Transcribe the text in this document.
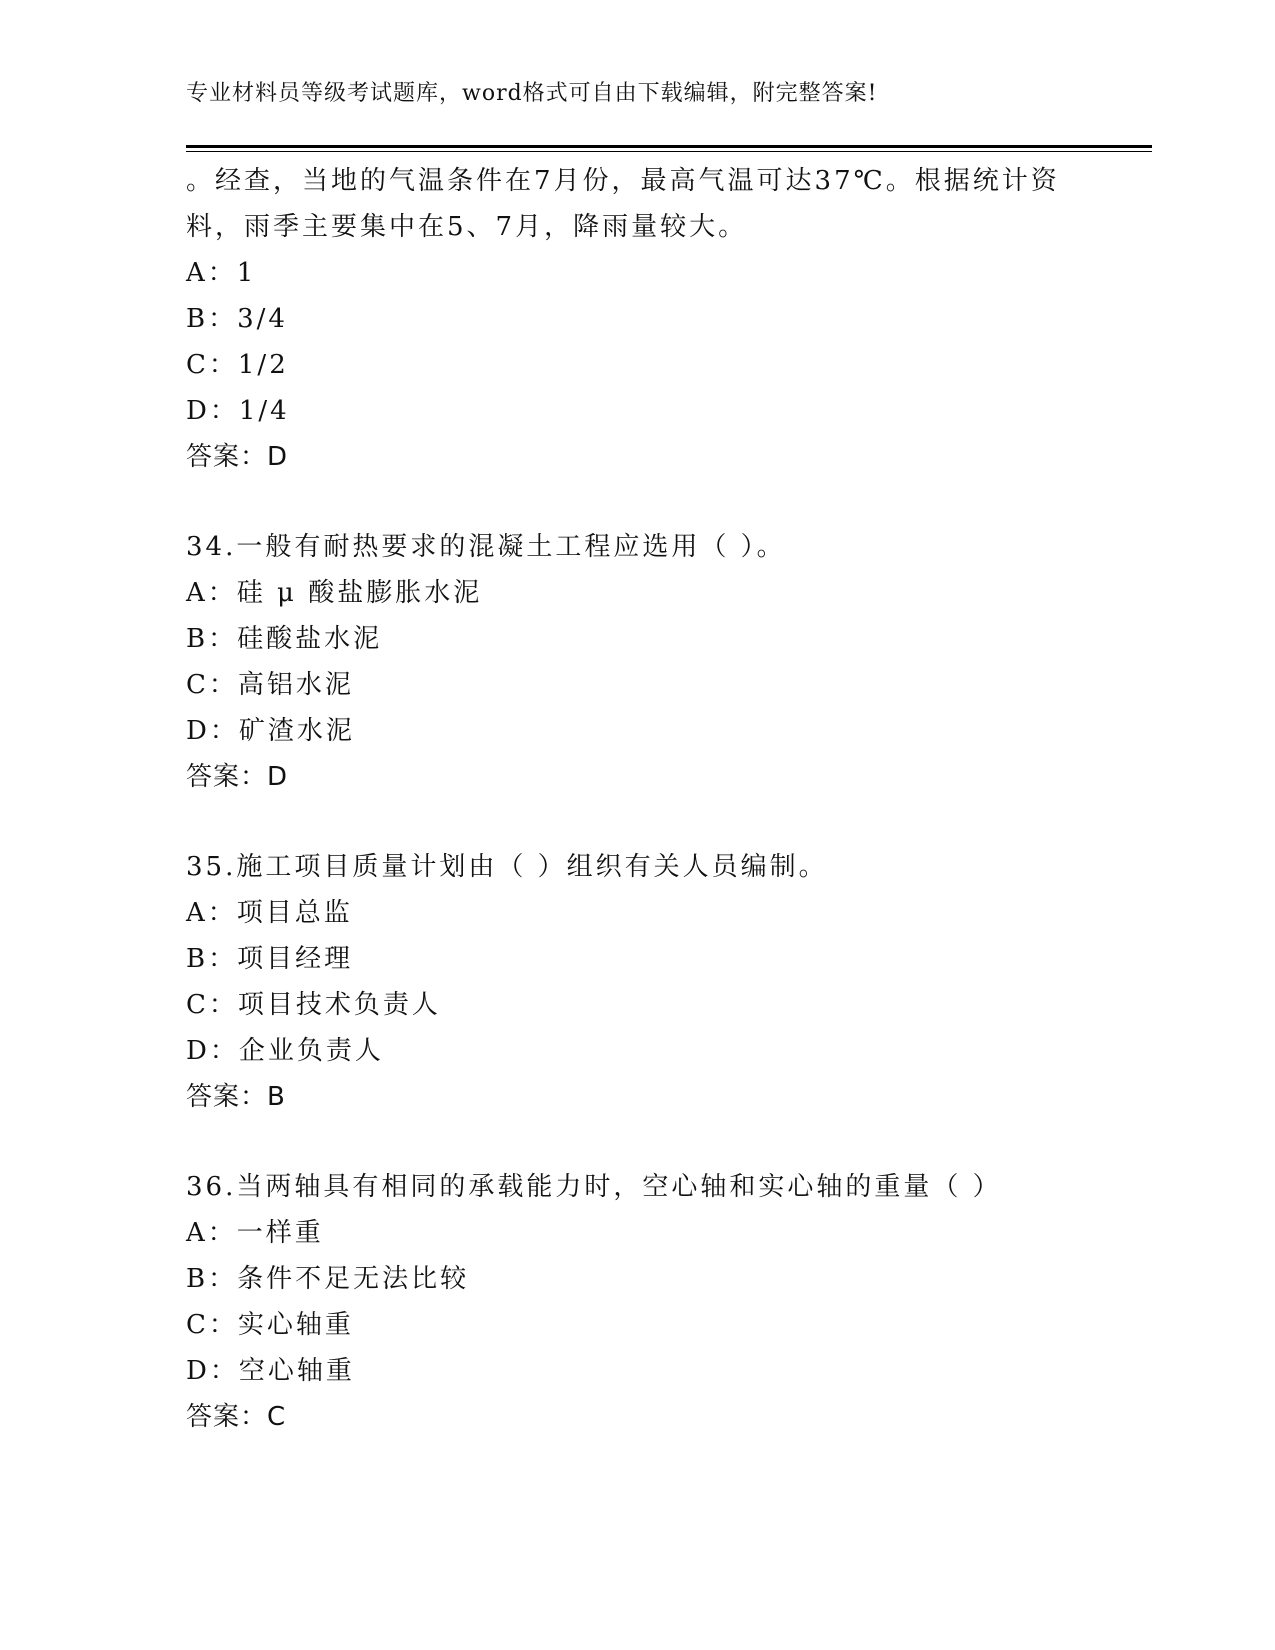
专业材料员等级考试题库，word格式可自由下载编辑，附完整答案!
。经查，当地的气温条件在7月份，最高气温可达37℃。根据统计资
料，雨季主要集中在5、7月，降雨量较大。
A：1
B：3/4
C：1/2
D：1/4
答案：D
34.一般有耐热要求的混凝土工程应选用（ ）。
A：硅 μ 酸盐膨胀水泥
B：硅酸盐水泥
C：高铝水泥
D：矿渣水泥
答案：D
35.施工项目质量计划由（ ）组织有关人员编制。
A：项目总监
B：项目经理
C：项目技术负责人
D：企业负责人
答案：B
36.当两轴具有相同的承载能力时，空心轴和实心轴的重量（ ）
A：一样重
B：条件不足无法比较
C：实心轴重
D：空心轴重
答案：C
